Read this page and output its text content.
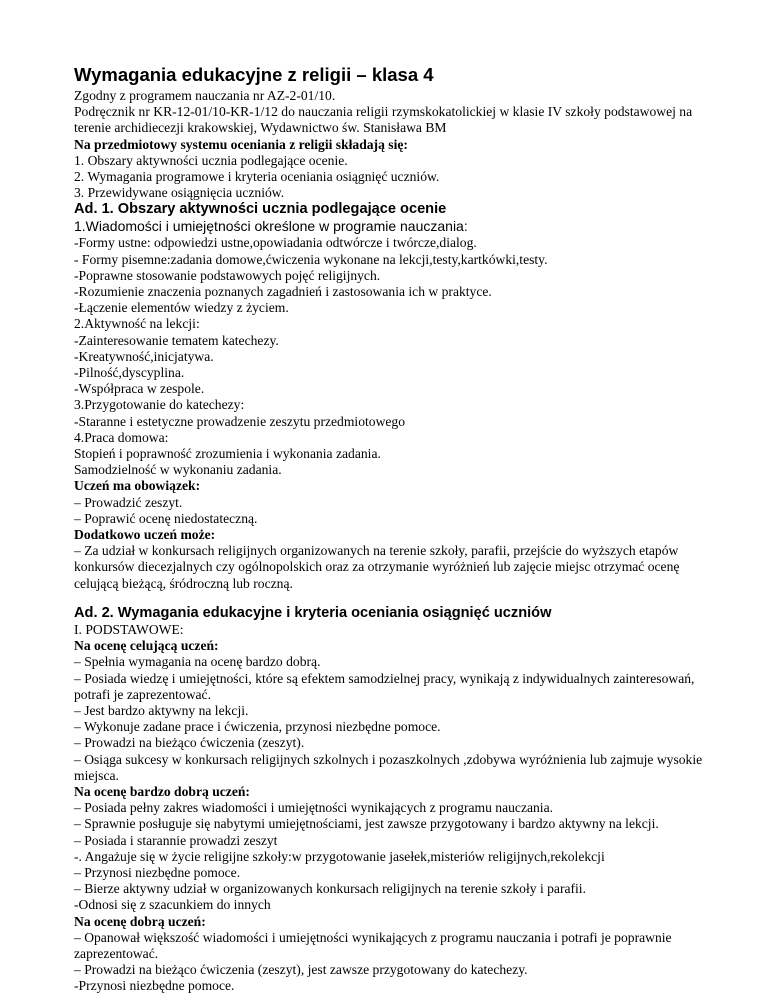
Wymagania edukacyjne z religii – klasa 4

Zgodny z programem nauczania nr AZ-2-01/10.

Podręcznik nr KR-12-01/10-KR-1/12 do nauczania religii rzymskokatolickiej w klasie IV szkoły podstawowej na terenie archidiecezji krakowskiej, Wydawnictwo św. Stanisława BM

Na przedmiotowy systemu oceniania z religii składają się:

1. Obszary aktywności ucznia podlegające ocenie.

2. Wymagania programowe i kryteria oceniania osiągnięć uczniów.

3. Przewidywane osiągnięcia uczniów.

Ad. 1. Obszary aktywności ucznia podlegające ocenie
1.Wiadomości i umiejętności określone w programie nauczania:

-Formy ustne: odpowiedzi ustne,opowiadania odtwórcze i twórcze,dialog.

- Formy pisemne:zadania domowe,ćwiczenia wykonane na lekcji,testy,kartkówki,testy.

-Poprawne stosowanie podstawowych pojęć religijnych.

-Rozumienie znaczenia poznanych zagadnień i zastosowania ich w praktyce.

-Łączenie elementów wiedzy z życiem.

2.Aktywność na lekcji:

-Zainteresowanie tematem katechezy.

-Kreatywność,inicjatywa.

-Pilność,dyscyplina.

-Współpraca w zespole.

3.Przygotowanie do katechezy:

-Staranne i estetyczne prowadzenie zeszytu przedmiotowego

4.Praca domowa:

Stopień i poprawność zrozumienia i wykonania zadania.

Samodzielność w wykonaniu zadania.

Uczeń ma obowiązek:

– Prowadzić zeszyt.

– Poprawić ocenę niedostateczną.

Dodatkowo uczeń może:

– Za udział w konkursach religijnych organizowanych na terenie szkoły, parafii, przejście do wyższych etapów konkursów diecezjalnych czy ogólnopolskich oraz za otrzymanie wyróżnień lub zajęcie miejsc otrzymać ocenę celującą bieżącą, śródroczną lub roczną.

Ad. 2. Wymagania edukacyjne i kryteria oceniania osiągnięć uczniów

I. PODSTAWOWE:

Na ocenę celującą uczeń:

– Spełnia wymagania na ocenę bardzo dobrą.

– Posiada wiedzę i umiejętności, które są efektem samodzielnej pracy, wynikają z indywidualnych zainteresowań, potrafi je zaprezentować.

– Jest bardzo aktywny na lekcji.

– Wykonuje zadane prace i ćwiczenia, przynosi niezbędne pomoce.

– Prowadzi na bieżąco ćwiczenia (zeszyt).

– Osiąga sukcesy w konkursach religijnych szkolnych i pozaszkolnych ,zdobywa wyróżnienia lub zajmuje wysokie miejsca.

Na ocenę bardzo dobrą uczeń:

– Posiada pełny zakres wiadomości i umiejętności wynikających z programu nauczania.

– Sprawnie posługuje się nabytymi umiejętnościami, jest zawsze przygotowany i bardzo aktywny na lekcji.

– Posiada i starannie prowadzi zeszyt

-. Angażuje się w życie religijne szkoły:w przygotowanie jasełek,misteriów religijnych,rekolekcji

– Przynosi niezbędne pomoce.

– Bierze aktywny udział w organizowanych konkursach religijnych na terenie szkoły i parafii.

-Odnosi się z szacunkiem do innych

Na ocenę dobrą uczeń:

– Opanował większość wiadomości i umiejętności wynikających z programu nauczania i potrafi je poprawnie zaprezentować.

– Prowadzi na bieżąco ćwiczenia (zeszyt), jest zawsze przygotowany do katechezy.

-Przynosi niezbędne pomoce.
